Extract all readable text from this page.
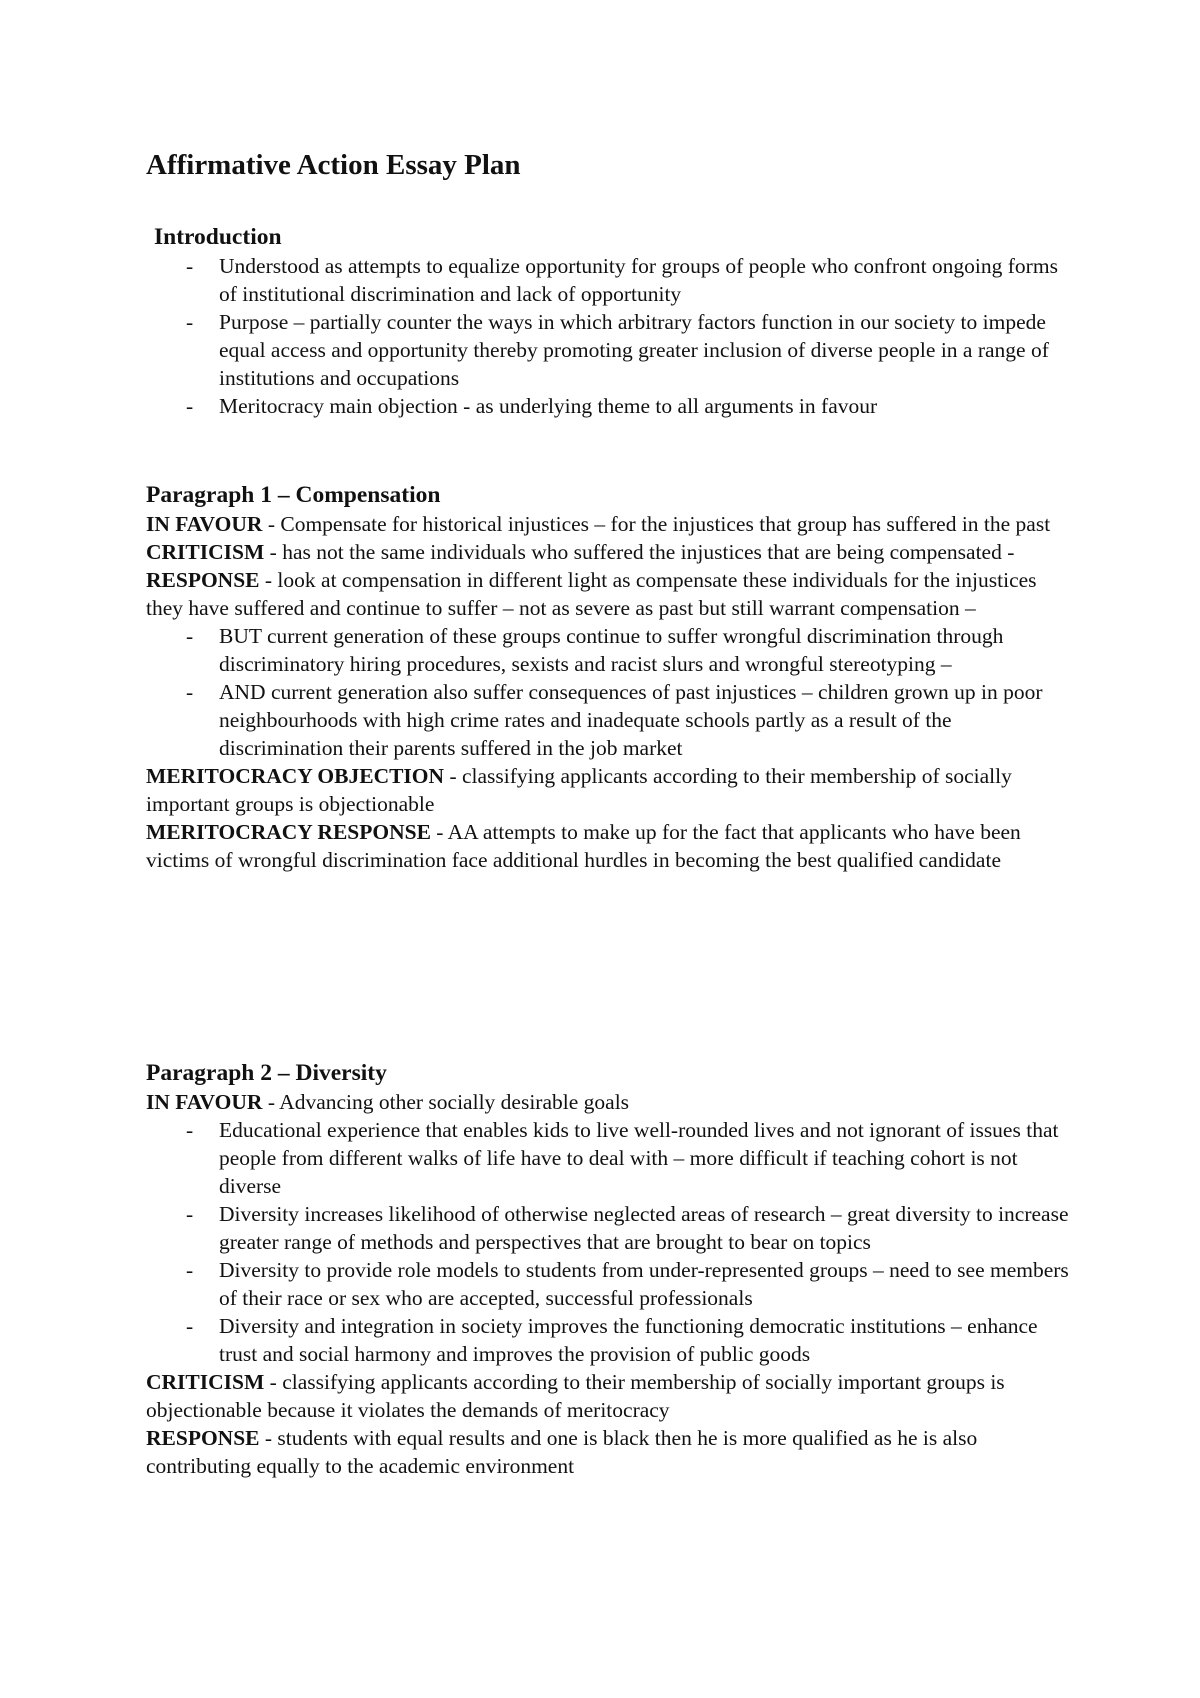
Affirmative Action Essay Plan
Introduction
- Understood as attempts to equalize opportunity for groups of people who confront ongoing forms of institutional discrimination and lack of opportunity
- Purpose – partially counter the ways in which arbitrary factors function in our society to impede equal access and opportunity thereby promoting greater inclusion of diverse people in a range of institutions and occupations
- Meritocracy main objection - as underlying theme to all arguments in favour
Paragraph 1 – Compensation

IN FAVOUR - Compensate for historical injustices – for the injustices that group has suffered in the past

CRITICISM - has not the same individuals who suffered the injustices that are being compensated -

RESPONSE - look at compensation in different light as compensate these individuals for the injustices they have suffered and continue to suffer – not as severe as past but still warrant compensation –

- BUT current generation of these groups continue to suffer wrongful discrimination through discriminatory hiring procedures, sexists and racist slurs and wrongful stereotyping –
- AND current generation also suffer consequences of past injustices – children grown up in poor neighbourhoods with high crime rates and inadequate schools partly as a result of the discrimination their parents suffered in the job market

MERITOCRACY OBJECTION - classifying applicants according to their membership of socially important groups is objectionable

MERITOCRACY RESPONSE - AA attempts to make up for the fact that applicants who have been victims of wrongful discrimination face additional hurdles in becoming the best qualified candidate

Paragraph 2 – Diversity

IN FAVOUR - Advancing other socially desirable goals

- Educational experience that enables kids to live well-rounded lives and not ignorant of issues that people from different walks of life have to deal with – more difficult if teaching cohort is not diverse
- Diversity increases likelihood of otherwise neglected areas of research – great diversity to increase greater range of methods and perspectives that are brought to bear on topics
- Diversity to provide role models to students from under-represented groups – need to see members of their race or sex who are accepted, successful professionals
- Diversity and integration in society improves the functioning democratic institutions – enhance trust and social harmony and improves the provision of public goods

CRITICISM - classifying applicants according to their membership of socially important groups is objectionable because it violates the demands of meritocracy

RESPONSE - students with equal results and one is black then he is more qualified as he is also contributing equally to the academic environment
